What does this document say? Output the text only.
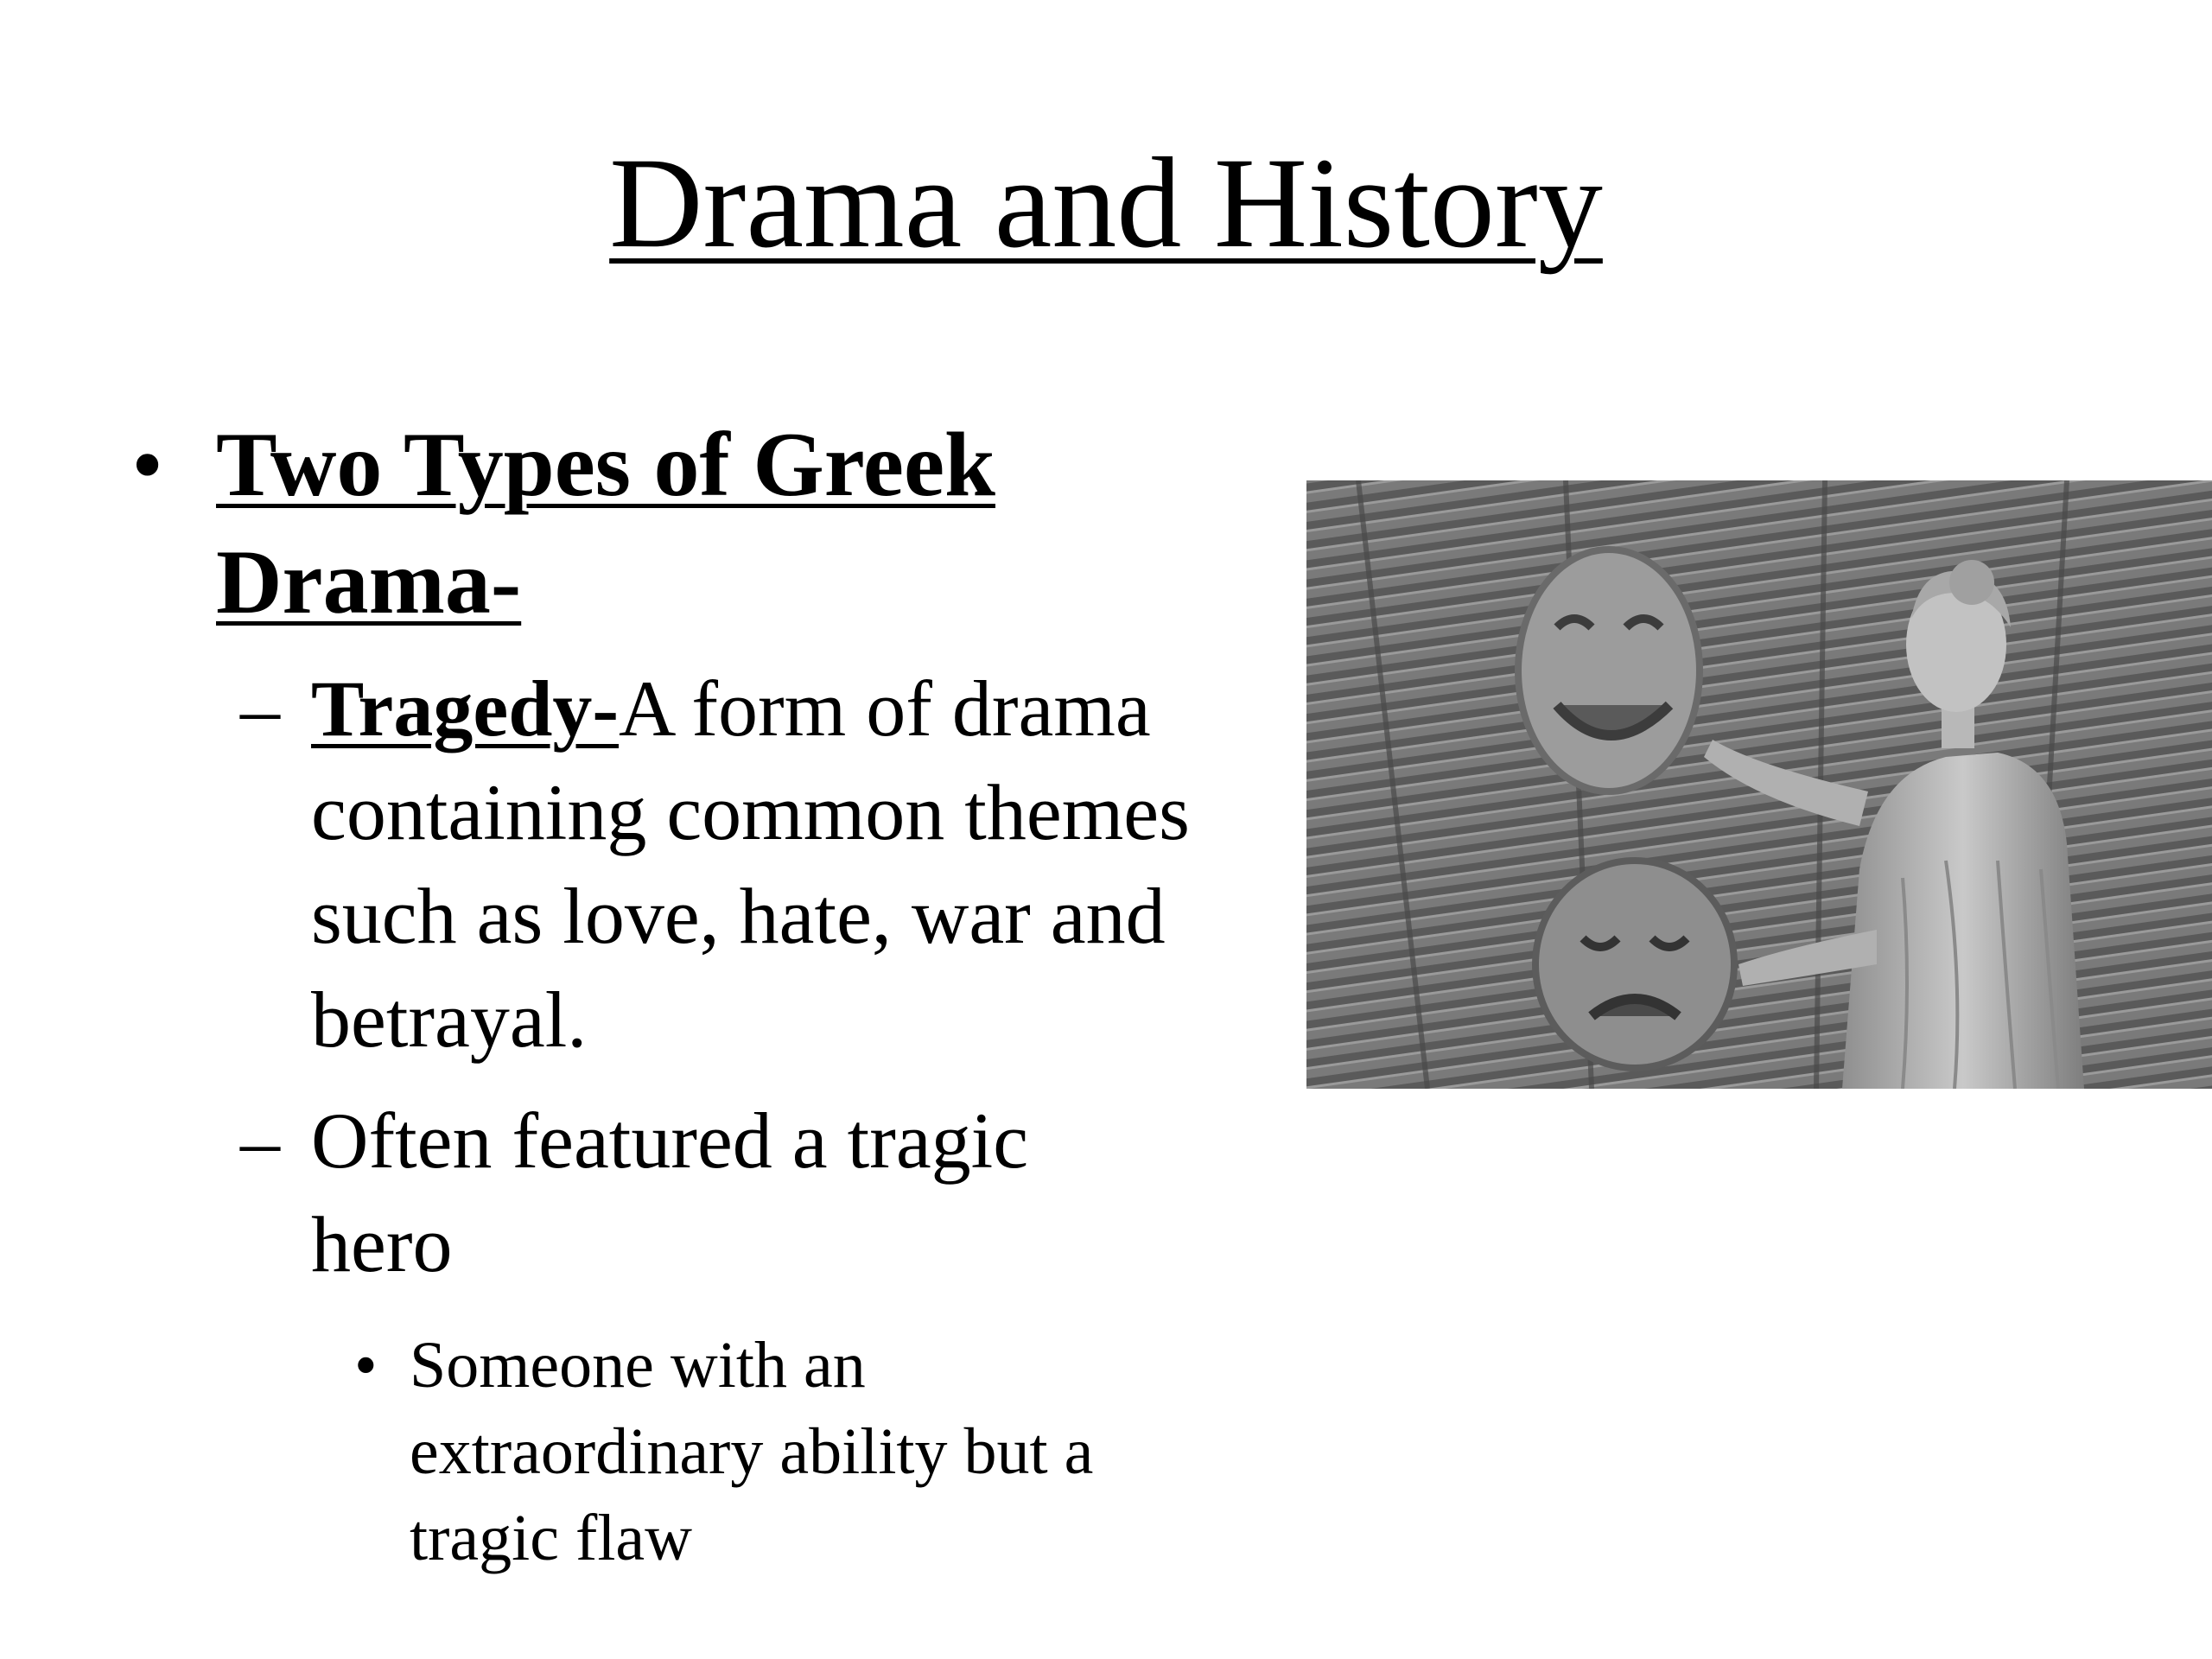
Drama and History
• Two Types of Greek Drama-
– Tragedy-A form of drama containing common themes such as love, hate, war and betrayal.
– Often featured a tragic hero
• Someone with an extraordinary ability but a tragic flaw
